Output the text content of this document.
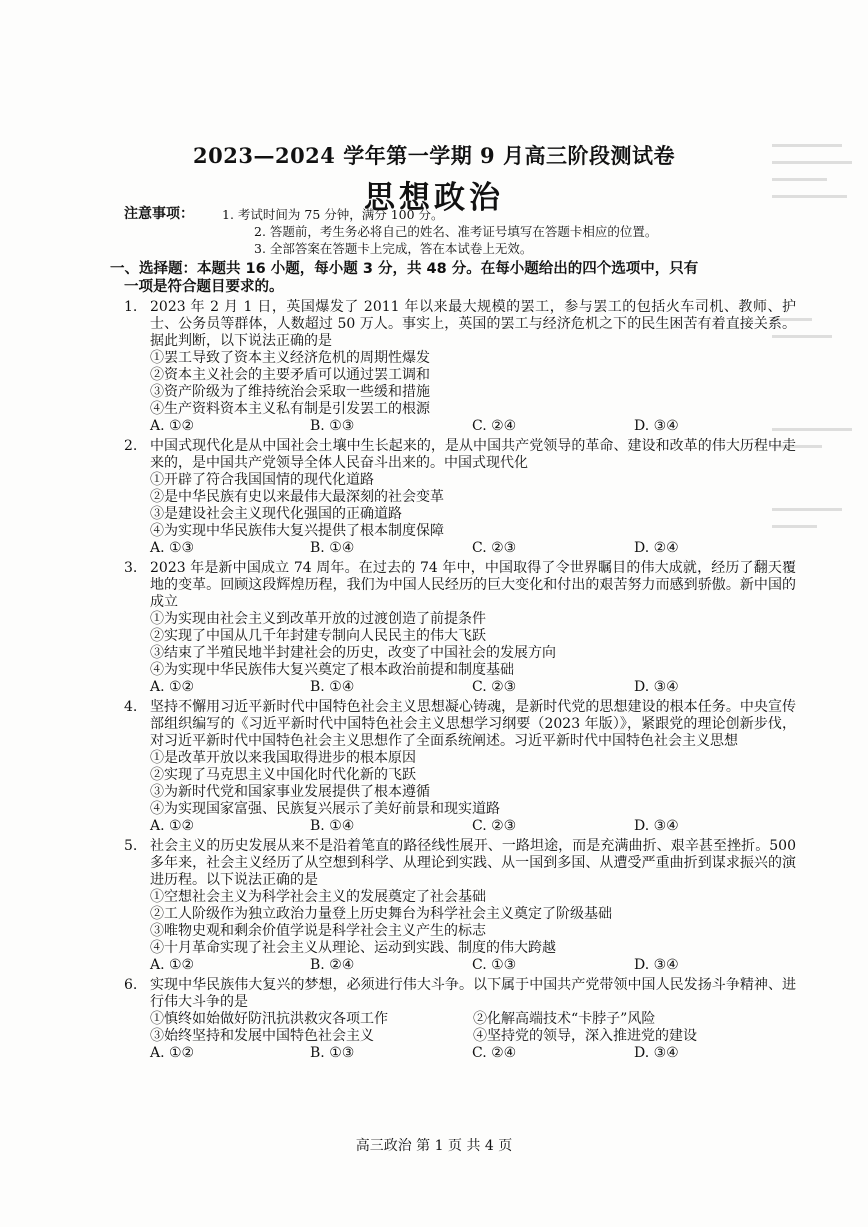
2023—2024 学年第一学期 9 月高三阶段测试卷
思想政治
注意事项：	1. 考试时间为 75 分钟，满分 100 分。
2. 答题前，考生务必将自己的姓名、准考证号填写在答题卡相应的位置。
3. 全部答案在答题卡上完成，答在本试卷上无效。
一、选择题：本题共 16 小题，每小题 3 分，共 48 分。在每小题给出的四个选项中，只有
一项是符合题目要求的。
1. 2023 年 2 月 1 日，英国爆发了 2011 年以来最大规模的罢工，参与罢工的包括火车司机、教师、护士、公务员等群体，人数超过 50 万人。事实上，英国的罢工与经济危机之下的民生困苦有着直接关系。据此判断，以下说法正确的是
①罢工导致了资本主义经济危机的周期性爆发
②资本主义社会的主要矛盾可以通过罢工调和
③资产阶级为了维持统治会采取一些缓和措施
④生产资料资本主义私有制是引发罢工的根源
A. ①②	B. ①③	C. ②④	D. ③④
2. 中国式现代化是从中国社会土壤中生长起来的，是从中国共产党领导的革命、建设和改革的伟大历程中走来的，是中国共产党领导全体人民奋斗出来的。中国式现代化
①开辟了符合我国国情的现代化道路
②是中华民族有史以来最伟大最深刻的社会变革
③是建设社会主义现代化强国的正确道路
④为实现中华民族伟大复兴提供了根本制度保障
A. ①③	B. ①④	C. ②③	D. ②④
3. 2023 年是新中国成立 74 周年。在过去的 74 年中，中国取得了令世界瞩目的伟大成就，经历了翻天覆地的变革。回顾这段辉煌历程，我们为中国人民经历的巨大变化和付出的艰苦努力而感到骄傲。新中国的成立
①为实现由社会主义到改革开放的过渡创造了前提条件
②实现了中国从几千年封建专制向人民民主的伟大飞跃
③结束了半殖民地半封建社会的历史，改变了中国社会的发展方向
④为实现中华民族伟大复兴奠定了根本政治前提和制度基础
A. ①②	B. ①④	C. ②③	D. ③④
4. 坚持不懈用习近平新时代中国特色社会主义思想凝心铸魂，是新时代党的思想建设的根本任务。中央宣传部组织编写的《习近平新时代中国特色社会主义思想学习纲要（2023 年版）》，紧跟党的理论创新步伐，对习近平新时代中国特色社会主义思想作了全面系统阐述。习近平新时代中国特色社会主义思想
①是改革开放以来我国取得进步的根本原因
②实现了马克思主义中国化时代化新的飞跃
③为新时代党和国家事业发展提供了根本遵循
④为实现国家富强、民族复兴展示了美好前景和现实道路
A. ①②	B. ①④	C. ②③	D. ③④
5. 社会主义的历史发展从来不是沿着笔直的路径线性展开、一路坦途，而是充满曲折、艰辛甚至挫折。500 多年来，社会主义经历了从空想到科学、从理论到实践、从一国到多国、从遭受严重曲折到谋求振兴的演进历程。以下说法正确的是
①空想社会主义为科学社会主义的发展奠定了社会基础
②工人阶级作为独立政治力量登上历史舞台为科学社会主义奠定了阶级基础
③唯物史观和剩余价值学说是科学社会主义产生的标志
④十月革命实现了社会主义从理论、运动到实践、制度的伟大跨越
A. ①②	B. ②④	C. ①③	D. ③④
6. 实现中华民族伟大复兴的梦想，必须进行伟大斗争。以下属于中国共产党带领中国人民发扬斗争精神、进行伟大斗争的是
①慎终如始做好防汛抗洪救灾各项工作	②化解高端技术“卡脖子”风险
③始终坚持和发展中国特色社会主义	④坚持党的领导，深入推进党的建设
A. ①②	B. ①③	C. ②④	D. ③④
高三政治 第 1 页 共 4 页
